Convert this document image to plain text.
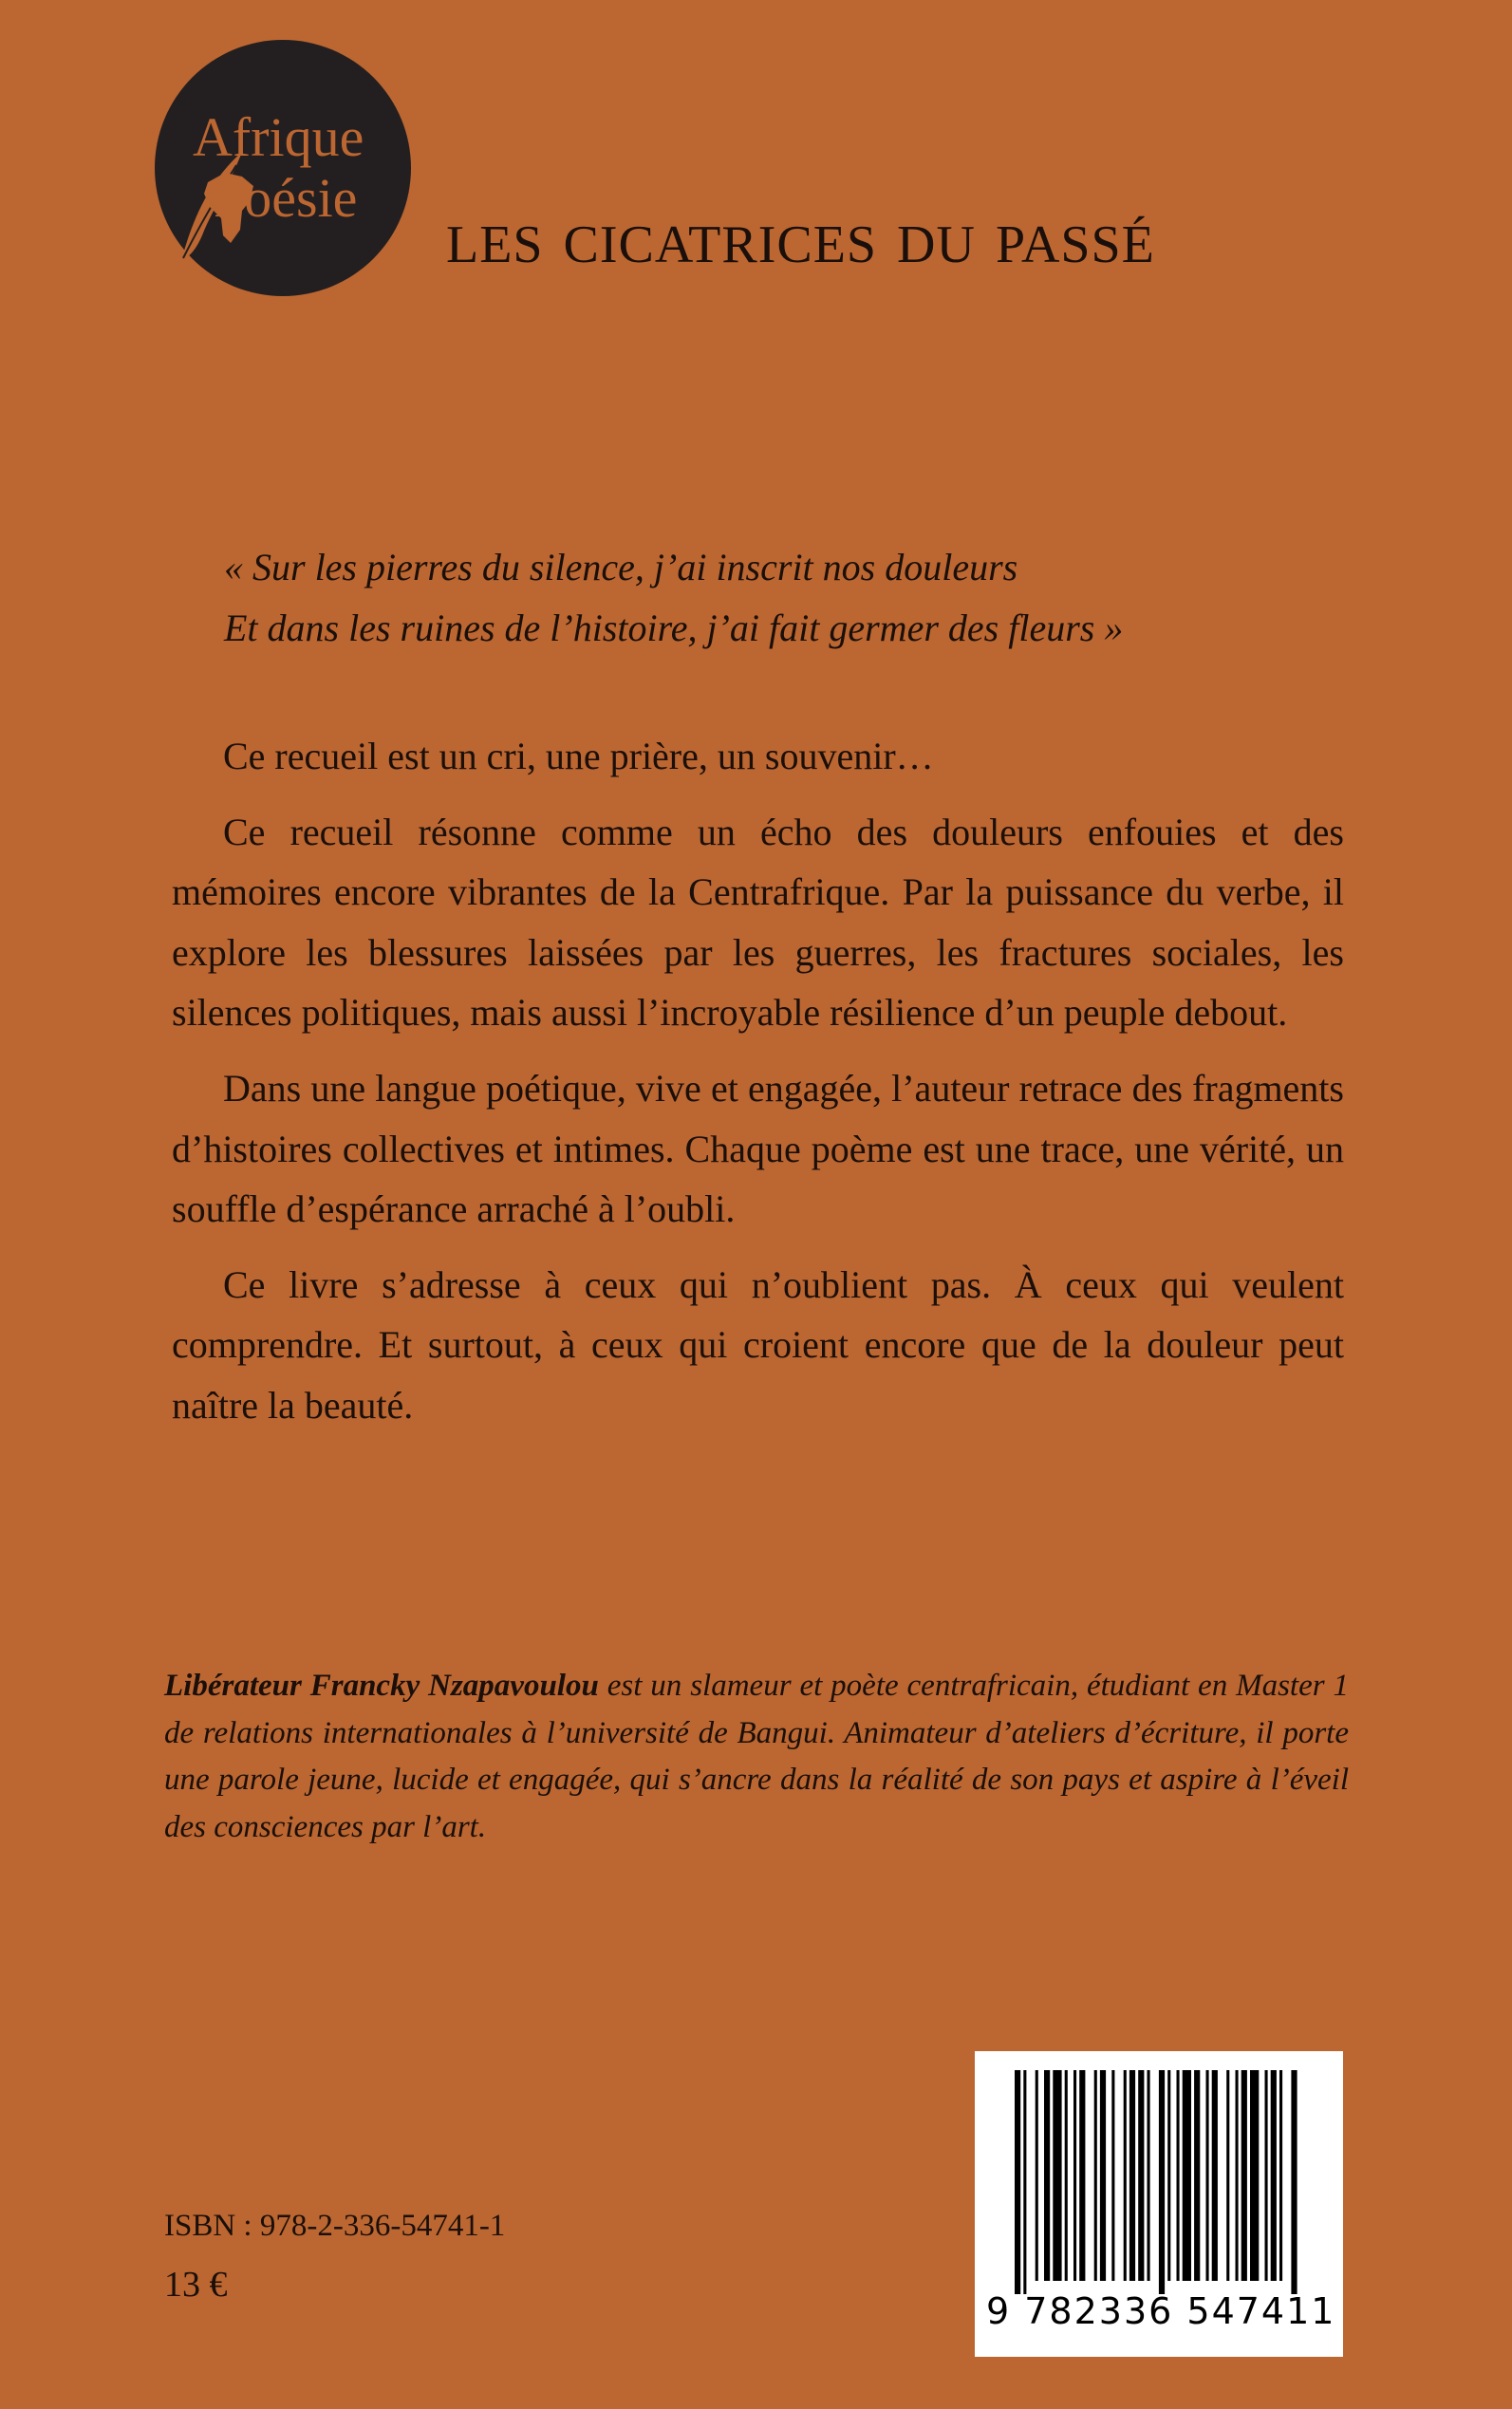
Afrique
Poésie les cicatrices du passé
« Sur les pierres du silence, j’ai inscrit nos douleurs
Et dans les ruines de l’histoire, j’ai fait germer des fleurs »

Ce recueil est un cri, une prière, un souvenir…

Ce recueil résonne comme un écho des douleurs enfouies et des mémoires encore vibrantes de la Centrafrique. Par la puissance du verbe, il explore les blessures laissées par les guerres, les fractures sociales, les silences politiques, mais aussi l’incroyable résilience d’un peuple debout.

Dans une langue poétique, vive et engagée, l’auteur retrace des fragments d’histoires collectives et intimes. Chaque poème est une trace, une vérité, un souffle d’espérance arraché à l’oubli.

Ce livre s’adresse à ceux qui n’oublient pas. À ceux qui veulent comprendre. Et surtout, à ceux qui croient encore que de la douleur peut naître la beauté.

Libérateur Francky Nzapavoulou est un slameur et poète centrafricain, étudiant en Master 1 de relations internationales à l’université de Bangui. Animateur d’ateliers d’écriture, il porte une parole jeune, lucide et engagée, qui s’ancre dans la réalité de son pays et aspire à l’éveil des consciences par l’art.

9 782336 547411
ISBN : 978-2-336-54741-1
13 €
